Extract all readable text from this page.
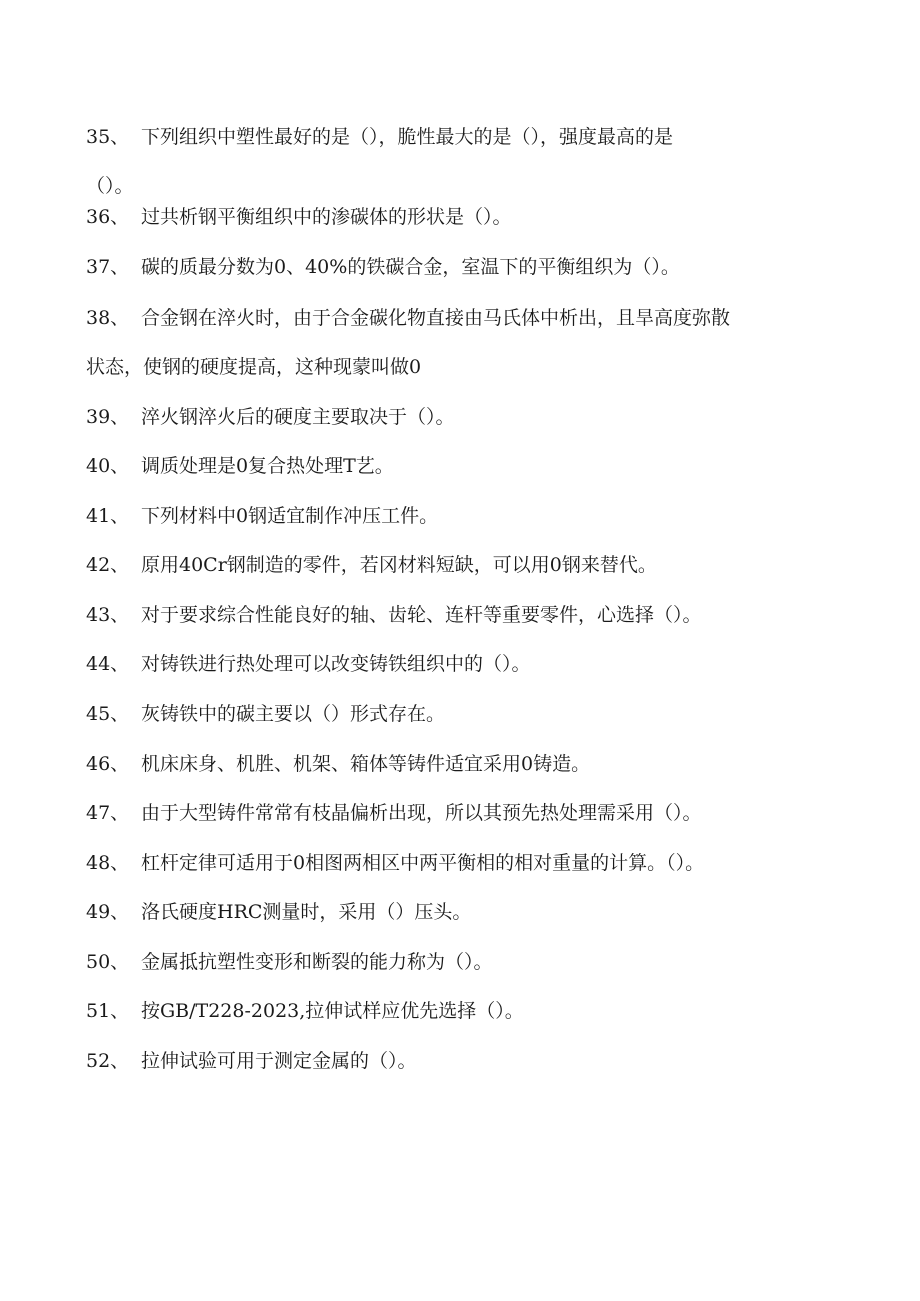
35、 下列组织中塑性最好的是（），脆性最大的是（），强度最高的是
（）。
36、 过共析钢平衡组织中的渗碳体的形状是（）。
37、 碳的质最分数为0、40%的铁碳合金，室温下的平衡组织为（）。
38、 合金钢在淬火时，由于合金碳化物直接由马氏体中析出，且旱高度弥散
状态，使钢的硬度提高，这种现蒙叫做0
39、 淬火钢淬火后的硬度主要取决于（）。
40、 调质处理是0复合热处理T艺。
41、 下列材料中0钢适宜制作冲压工件。
42、 原用40Cr钢制造的零件，若冈材料短缺，可以用0钢来替代。
43、 对于要求综合性能良好的轴、齿轮、连杆等重要零件，心选择（）。
44、 对铸铁进行热处理可以改变铸铁组织中的（）。
45、 灰铸铁中的碳主要以（）形式存在。
46、 机床床身、机胜、机架、箱体等铸件适宜采用0铸造。
47、 由于大型铸件常常有枝晶偏析出现，所以其预先热处理需采用（）。
48、 杠杆定律可适用于0相图两相区中两平衡相的相对重量的计算。（）。
49、 洛氏硬度HRC测量时，采用（）压头。
50、 金属抵抗塑性变形和断裂的能力称为（）。
51、 按GB/T228-2023,拉伸试样应优先选择（）。
52、 拉伸试验可用于测定金属的（）。
